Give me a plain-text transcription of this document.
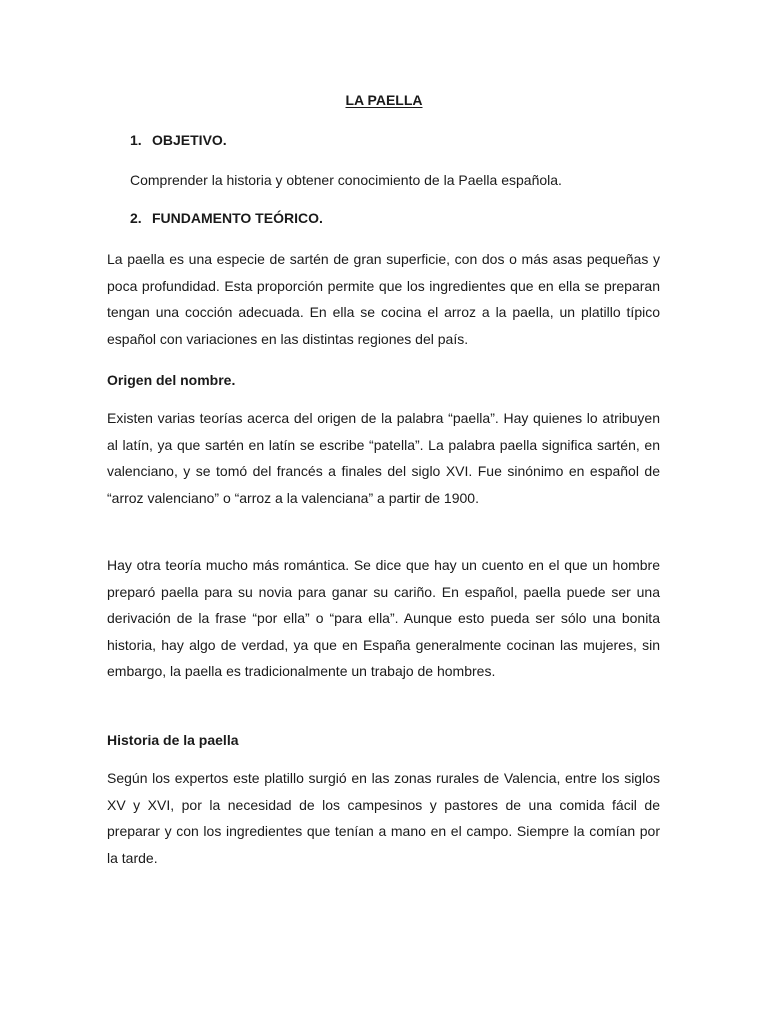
LA PAELLA
1. OBJETIVO.
Comprender la historia y obtener conocimiento de la Paella española.
2. FUNDAMENTO TEÓRICO.

La paella es una especie de sartén de gran superficie, con dos o más asas pequeñas y poca profundidad. Esta proporción permite que los ingredientes que en ella se preparan tengan una cocción adecuada. En ella se cocina el arroz a la paella, un platillo típico español con variaciones en las distintas regiones del país.

Origen del nombre.

Existen varias teorías acerca del origen de la palabra “paella”. Hay quienes lo atribuyen al latín, ya que sartén en latín se escribe “patella”. La palabra paella significa sartén, en valenciano, y se tomó del francés a finales del siglo XVI. Fue sinónimo en español de “arroz valenciano” o “arroz a la valenciana” a partir de 1900.

Hay otra teoría mucho más romántica. Se dice que hay un cuento en el que un hombre preparó paella para su novia para ganar su cariño. En español, paella puede ser una derivación de la frase “por ella” o “para ella”. Aunque esto pueda ser sólo una bonita historia, hay algo de verdad, ya que en España generalmente cocinan las mujeres, sin embargo, la paella es tradicionalmente un trabajo de hombres.

Historia de la paella

Según los expertos este platillo surgió en las zonas rurales de Valencia, entre los siglos XV y XVI, por la necesidad de los campesinos y pastores de una comida fácil de preparar y con los ingredientes que tenían a mano en el campo. Siempre la comían por la tarde.
